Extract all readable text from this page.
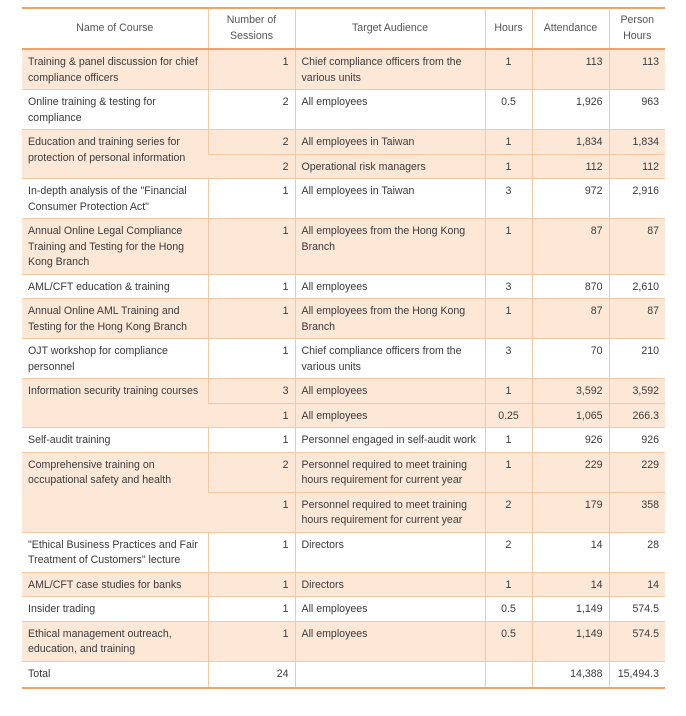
Name of Course	Number of Sessions	Target Audience	Hours	Attendance	Person Hours
Training & panel discussion for chief compliance officers	1	Chief compliance officers from the various units	1	113	113
Online training & testing for compliance	2	All employees	0.5	1,926	963
Education and training series for protection of personal information	2	All employees in Taiwan	1	1,834	1,834
	2	Operational risk managers	1	112	112
In-depth analysis of the "Financial Consumer Protection Act"	1	All employees in Taiwan	3	972	2,916
Annual Online Legal Compliance Training and Testing for the Hong Kong Branch	1	All employees from the Hong Kong Branch	1	87	87
AML/CFT education & training	1	All employees	3	870	2,610
Annual Online AML Training and Testing for the Hong Kong Branch	1	All employees from the Hong Kong Branch	1	87	87
OJT workshop for compliance personnel	1	Chief compliance officers from the various units	3	70	210
Information security training courses	3	All employees	1	3,592	3,592
	1	All employees	0.25	1,065	266.3
Self-audit training	1	Personnel engaged in self-audit work	1	926	926
Comprehensive training on occupational safety and health	2	Personnel required to meet training hours requirement for current year	1	229	229
	1	Personnel required to meet training hours requirement for current year	2	179	358
"Ethical Business Practices and Fair Treatment of Customers" lecture	1	Directors	2	14	28
AML/CFT case studies for banks	1	Directors	1	14	14
Insider trading	1	All employees	0.5	1,149	574.5
Ethical management outreach, education, and training	1	All employees	0.5	1,149	574.5
Total	24			14,388	15,494.3
